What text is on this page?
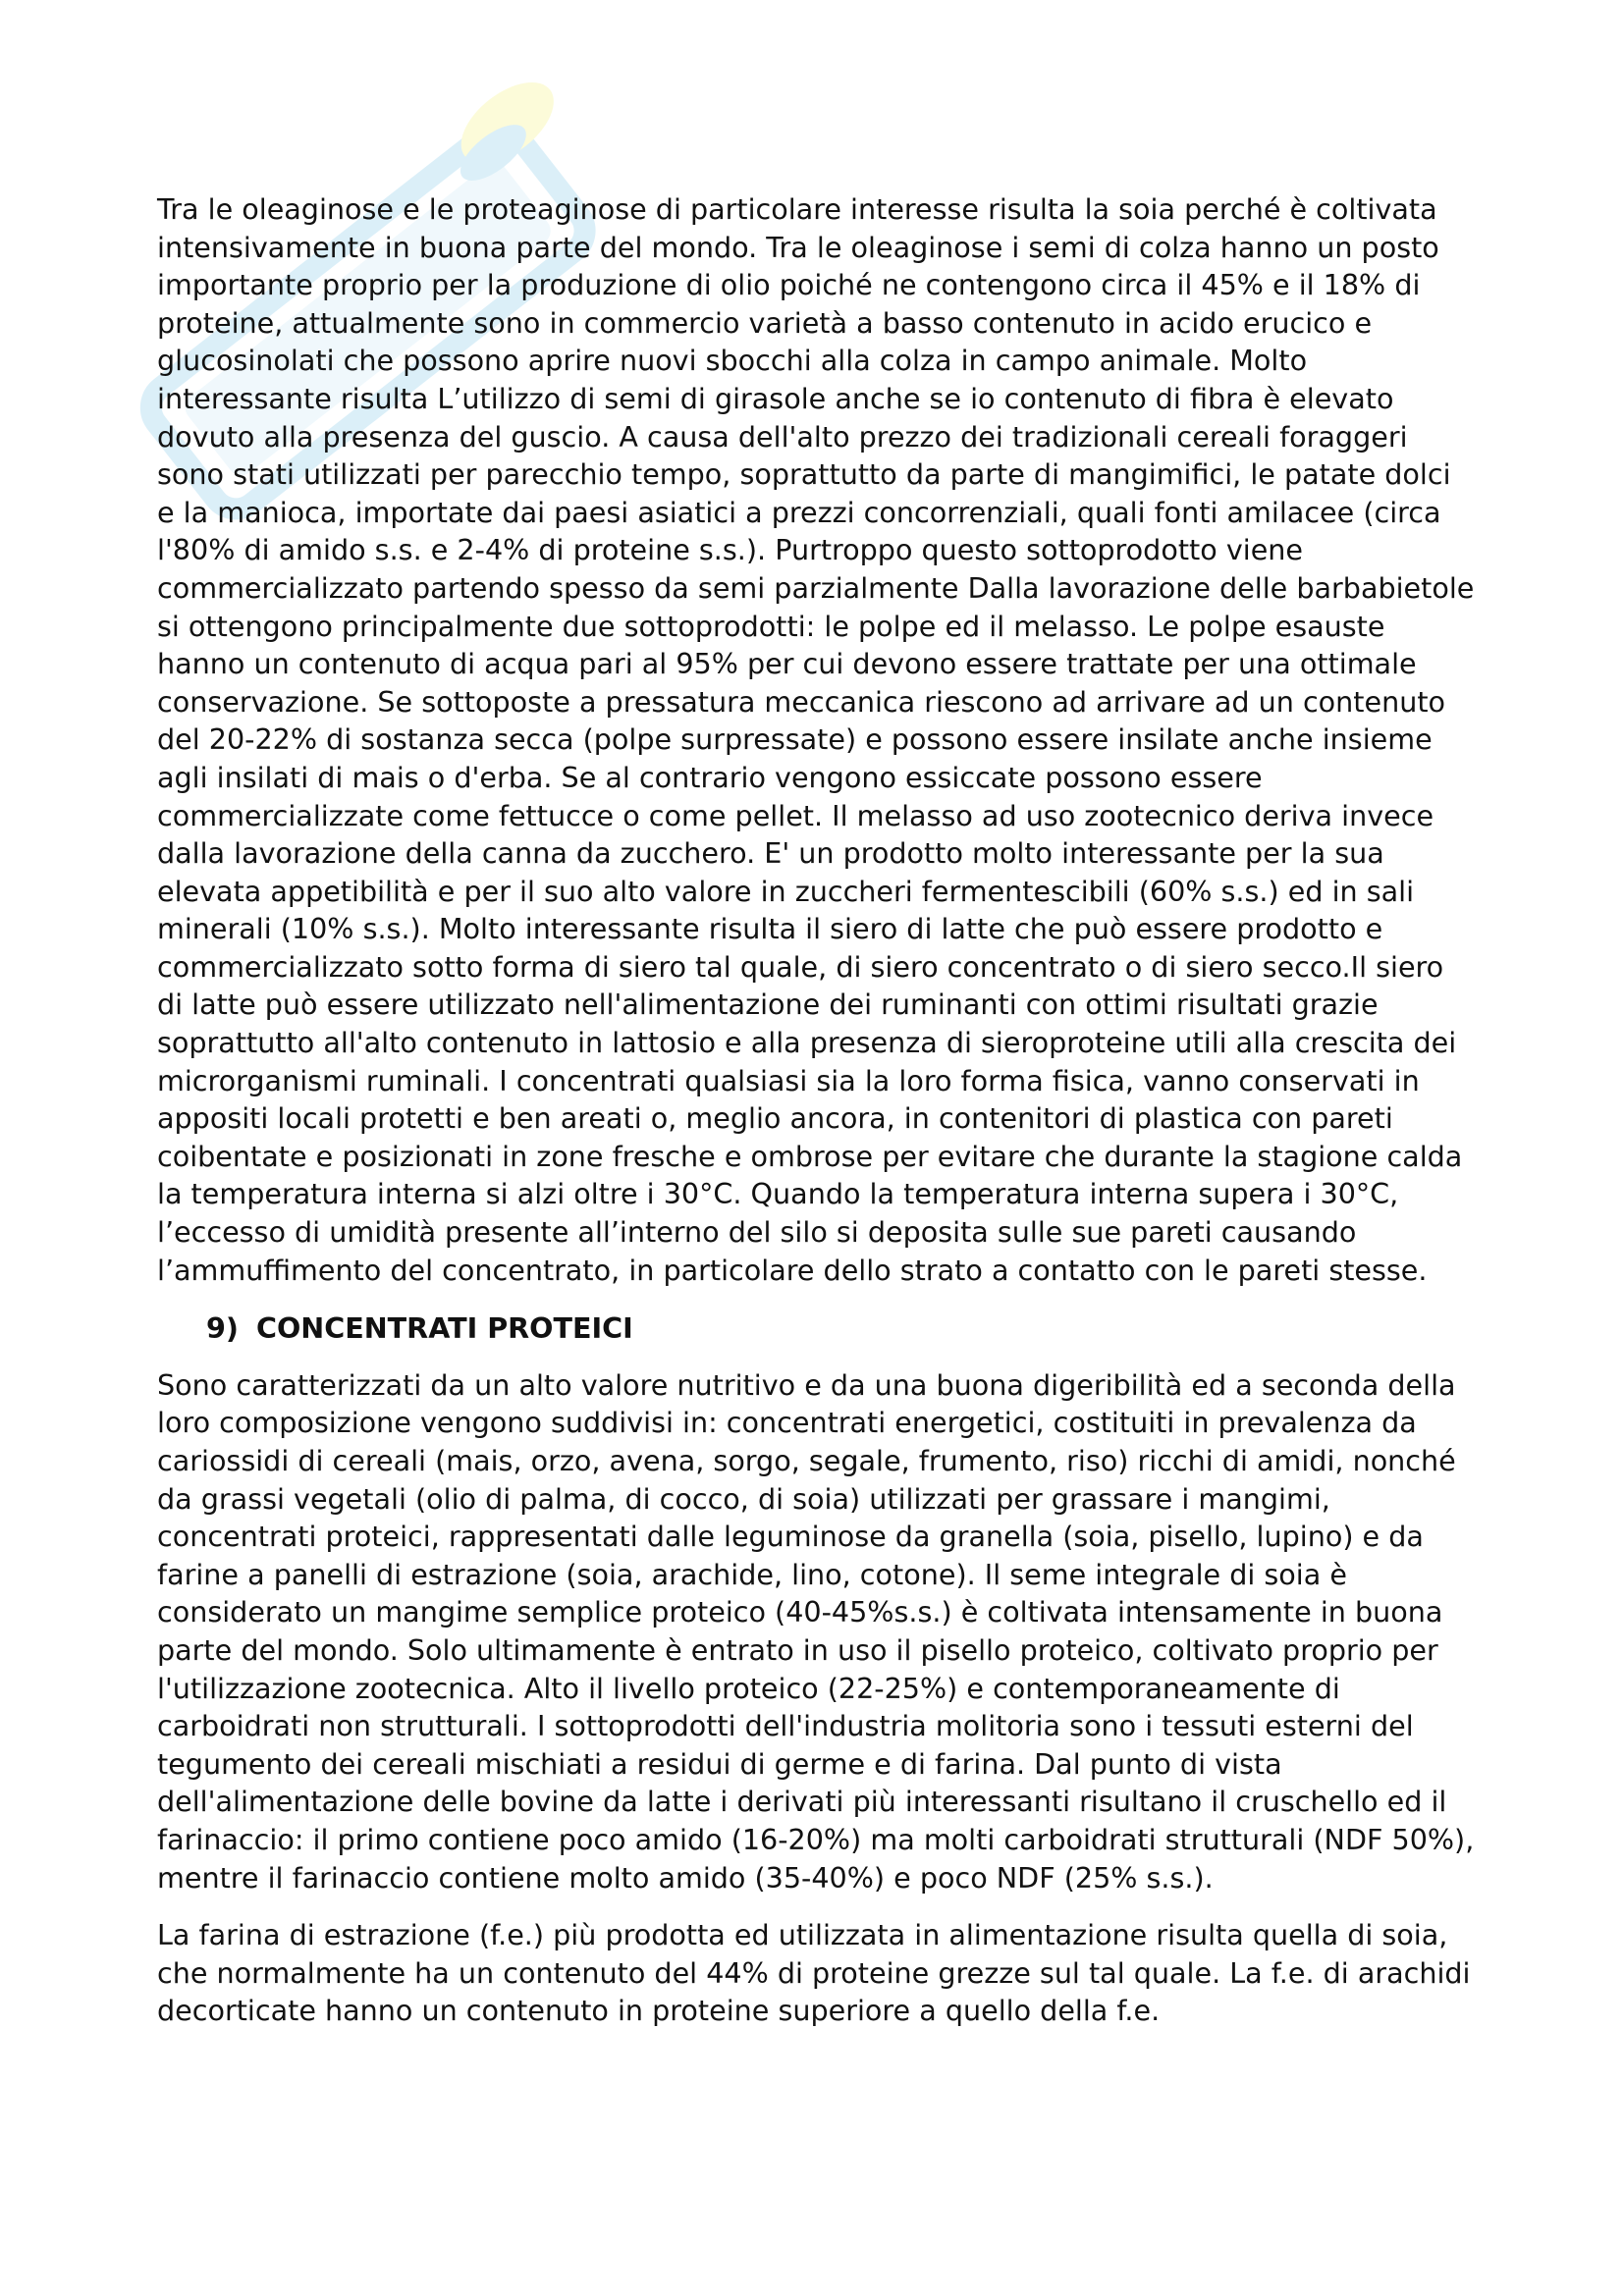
Tra le oleaginose e le proteaginose di particolare interesse risulta la soia perché è coltivata intensivamente in buona parte del mondo. Tra le oleaginose i semi di colza hanno un posto importante proprio per la produzione di olio poiché ne contengono circa il 45% e il 18% di proteine, attualmente sono in commercio varietà a basso contenuto in acido erucico e glucosinolati che possono aprire nuovi sbocchi alla colza in campo animale. Molto interessante risulta L’utilizzo di semi di girasole anche se io contenuto di fibra è elevato dovuto alla presenza del guscio. A causa dell'alto prezzo dei tradizionali cereali foraggeri sono stati utilizzati per parecchio tempo, soprattutto da parte di mangimifici, le patate dolci e la manioca, importate dai paesi asiatici a prezzi concorrenziali, quali fonti amilacee (circa l'80% di amido s.s. e 2-4% di proteine s.s.). Purtroppo questo sottoprodotto viene commercializzato partendo spesso da semi parzialmente Dalla lavorazione delle barbabietole si ottengono principalmente due sottoprodotti: le polpe ed il melasso. Le polpe esauste hanno un contenuto di acqua pari al 95% per cui devono essere trattate per una ottimale conservazione. Se sottoposte a pressatura meccanica riescono ad arrivare ad un contenuto del 20-22% di sostanza secca (polpe surpressate) e possono essere insilate anche insieme agli insilati di mais o d'erba. Se al contrario vengono essiccate possono essere commercializzate come fettucce o come pellet. Il melasso ad uso zootecnico deriva invece dalla lavorazione della canna da zucchero. E' un prodotto molto interessante per la sua elevata appetibilità e per il suo alto valore in zuccheri fermentescibili (60% s.s.) ed in sali minerali (10% s.s.). Molto interessante risulta il siero di latte che può essere prodotto e commercializzato sotto forma di siero tal quale, di siero concentrato o di siero secco.Il siero di latte può essere utilizzato nell'alimentazione dei ruminanti con ottimi risultati grazie soprattutto all'alto contenuto in lattosio e alla presenza di sieroproteine utili alla crescita dei microrganismi ruminali. I concentrati qualsiasi sia la loro forma fisica, vanno conservati in appositi locali protetti e ben areati o, meglio ancora, in contenitori di plastica con pareti coibentate e posizionati in zone fresche e ombrose per evitare che durante la stagione calda la temperatura interna si alzi oltre i 30°C. Quando la temperatura interna supera i 30°C, l’eccesso di umidità presente all’interno del silo si deposita sulle sue pareti causando l’ammuffimento del concentrato, in particolare dello strato a contatto con le pareti stesse.

9) CONCENTRATI PROTEICI

Sono caratterizzati da un alto valore nutritivo e da una buona digeribilità ed a seconda della loro composizione vengono suddivisi in: concentrati energetici, costituiti in prevalenza da cariossidi di cereali (mais, orzo, avena, sorgo, segale, frumento, riso) ricchi di amidi, nonché da grassi vegetali (olio di palma, di cocco, di soia) utilizzati per grassare i mangimi, concentrati proteici, rappresentati dalle leguminose da granella (soia, pisello, lupino) e da farine a panelli di estrazione (soia, arachide, lino, cotone). Il seme integrale di soia è considerato un mangime semplice proteico (40-45%s.s.) è coltivata intensamente in buona parte del mondo. Solo ultimamente è entrato in uso il pisello proteico, coltivato proprio per l'utilizzazione zootecnica. Alto il livello proteico (22-25%) e contemporaneamente di carboidrati non strutturali. I sottoprodotti dell'industria molitoria sono i tessuti esterni del tegumento dei cereali mischiati a residui di germe e di farina. Dal punto di vista dell'alimentazione delle bovine da latte i derivati più interessanti risultano il cruschello ed il farinaccio: il primo contiene poco amido (16-20%) ma molti carboidrati strutturali (NDF 50%), mentre il farinaccio contiene molto amido (35-40%) e poco NDF (25% s.s.).

La farina di estrazione (f.e.) più prodotta ed utilizzata in alimentazione risulta quella di soia, che normalmente ha un contenuto del 44% di proteine grezze sul tal quale. La f.e. di arachidi decorticate hanno un contenuto in proteine superiore a quello della f.e.
